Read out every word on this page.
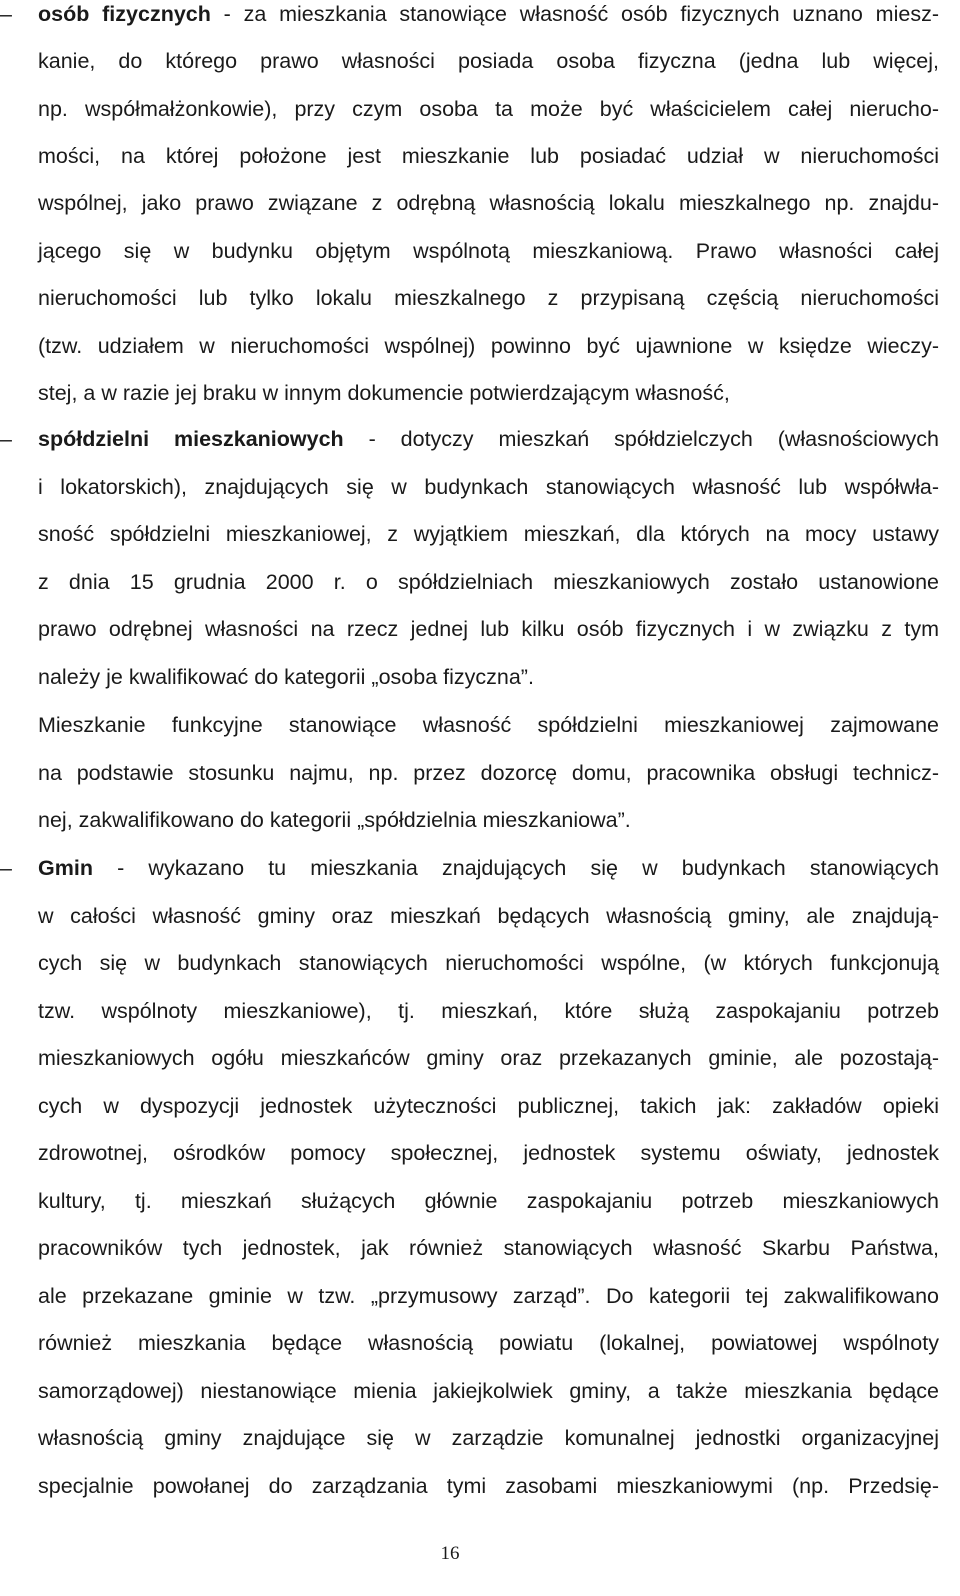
–
–
–
osób fizycznych - za mieszkania stanowiące własność osób fizycznych uznano miesz-
kanie, do którego prawo własności posiada osoba fizyczna (jedna lub więcej,
np. współmałżonkowie), przy czym osoba ta może być właścicielem całej nierucho-
mości, na której położone jest mieszkanie lub posiadać udział w nieruchomości
wspólnej, jako prawo związane z odrębną własnością lokalu mieszkalnego np. znajdu-
jącego się w budynku objętym wspólnotą mieszkaniową. Prawo własności całej
nieruchomości lub tylko lokalu mieszkalnego z przypisaną częścią nieruchomości
(tzw. udziałem w nieruchomości wspólnej) powinno być ujawnione w księdze wieczy-
stej, a w razie jej braku w innym dokumencie potwierdzającym własność,
spółdzielni mieszkaniowych - dotyczy mieszkań spółdzielczych (własnościowych
i lokatorskich), znajdujących się w budynkach stanowiących własność lub współwła-
sność spółdzielni mieszkaniowej, z wyjątkiem mieszkań, dla których na mocy ustawy
z dnia 15 grudnia 2000 r. o spółdzielniach mieszkaniowych zostało ustanowione
prawo odrębnej własności na rzecz jednej lub kilku osób fizycznych i w związku z tym
należy je kwalifikować do kategorii „osoba fizyczna”.
Mieszkanie funkcyjne stanowiące własność spółdzielni mieszkaniowej zajmowane
na podstawie stosunku najmu, np. przez dozorcę domu, pracownika obsługi technicz-
nej, zakwalifikowano do kategorii „spółdzielnia mieszkaniowa”.
Gmin - wykazano tu mieszkania znajdujących się w budynkach stanowiących
w całości własność gminy oraz mieszkań będących własnością gminy, ale znajdują-
cych się w budynkach stanowiących nieruchomości wspólne, (w których funkcjonują
tzw. wspólnoty mieszkaniowe), tj. mieszkań, które służą zaspokajaniu potrzeb
mieszkaniowych ogółu mieszkańców gminy oraz przekazanych gminie, ale pozostają-
cych w dyspozycji jednostek użyteczności publicznej, takich jak: zakładów opieki
zdrowotnej, ośrodków pomocy społecznej, jednostek systemu oświaty, jednostek
kultury, tj. mieszkań służących głównie zaspokajaniu potrzeb mieszkaniowych
pracowników tych jednostek, jak również stanowiących własność Skarbu Państwa,
ale przekazane gminie w tzw. „przymusowy zarząd”. Do kategorii tej zakwalifikowano
również mieszkania będące własnością powiatu (lokalnej, powiatowej wspólnoty
samorządowej) niestanowiące mienia jakiejkolwiek gminy, a także mieszkania będące
własnością gminy znajdujące się w zarządzie komunalnej jednostki organizacyjnej
specjalnie powołanej do zarządzania tymi zasobami mieszkaniowymi (np. Przedsię-
16
